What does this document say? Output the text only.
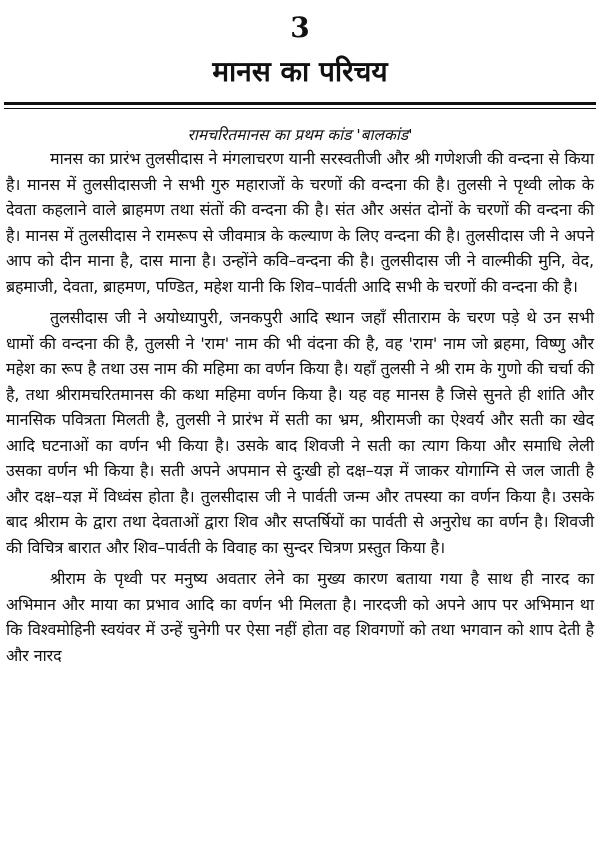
3
मानस का परिचय
रामचरितमानस का प्रथम कांड 'बालकांड'

मानस का प्रारंभ तुलसीदास ने मंगलाचरण यानी सरस्वतीजी और श्री गणेशजी की वन्दना से किया है। मानस में तुलसीदासजी ने सभी गुरु महाराजों के चरणों की वन्दना की है। तुलसी ने पृथ्वी लोक के देवता कहलाने वाले ब्राहमण तथा संतों की वन्दना की है। संत और असंत दोनों के चरणों की वन्दना की है। मानस में तुलसीदास ने रामरूप से जीवमात्र के कल्याण के लिए वन्दना की है। तुलसीदास जी ने अपने आप को दीन माना है, दास माना है। उन्होंने कवि–वन्दना की है। तुलसीदास जी ने वाल्मीकी मुनि, वेद, ब्रहमाजी, देवता, ब्राहमण, पण्डित, महेश यानी कि शिव–पार्वती आदि सभी के चरणों की वन्दना की है।

तुलसीदास जी ने अयोध्यापुरी, जनकपुरी आदि स्थान जहाँ सीताराम के चरण पड़े थे उन सभी धामों की वन्दना की है, तुलसी ने 'राम' नाम की भी वंदना की है, वह 'राम' नाम जो ब्रहमा, विष्णु और महेश का रूप है तथा उस नाम की महिमा का वर्णन किया है। यहाँ तुलसी ने श्री राम के गुणो की चर्चा की है, तथा श्रीरामचरितमानस की कथा महिमा वर्णन किया है। यह वह मानस है जिसे सुनते ही शांति और मानसिक पवित्रता मिलती है, तुलसी ने प्रारंभ में सती का भ्रम, श्रीरामजी का ऐश्वर्य और सती का खेद आदि घटनाओं का वर्णन भी किया है। उसके बाद शिवजी ने सती का त्याग किया और समाधि लेली उसका वर्णन भी किया है। सती अपने अपमान से दुःखी हो दक्ष–यज्ञ में जाकर योगाग्नि से जल जाती है और दक्ष–यज्ञ में विध्वंस होता है। तुलसीदास जी ने पार्वती जन्म और तपस्या का वर्णन किया है। उसके बाद श्रीराम के द्वारा तथा देवताओं द्वारा शिव और सप्तर्षियों का पार्वती से अनुरोध का वर्णन है। शिवजी की विचित्र बारात और शिव–पार्वती के विवाह का सुन्दर चित्रण प्रस्तुत किया है।

श्रीराम के पृथ्वी पर मनुष्य अवतार लेने का मुख्य कारण बताया गया है साथ ही नारद का अभिमान और माया का प्रभाव आदि का वर्णन भी मिलता है। नारदजी को अपने आप पर अभिमान था कि विश्वमोहिनी स्वयंवर में उन्हें चुनेगी पर ऐसा नहीं होता वह शिवगणों को तथा भगवान को शाप देती है और नारद
